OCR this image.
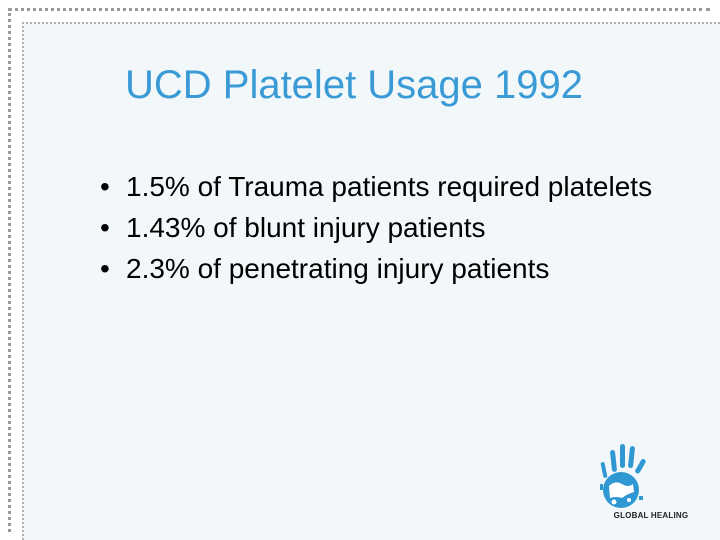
UCD Platelet Usage 1992
• 1.5% of Trauma patients required platelets
• 1.43% of blunt injury patients
• 2.3% of penetrating injury patients
GLOBAL HEALING
